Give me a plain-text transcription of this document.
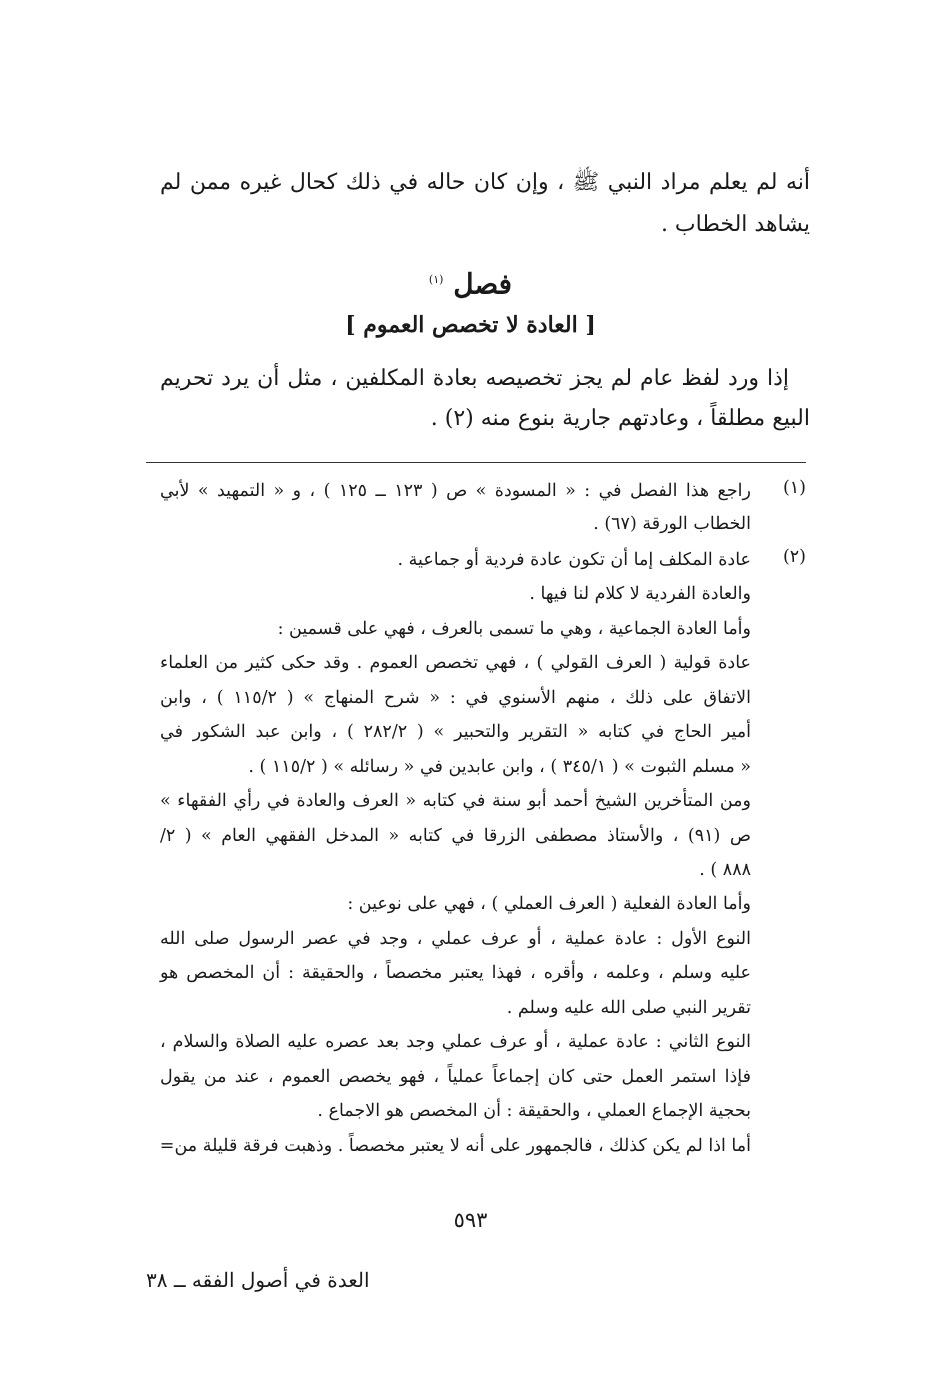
أنه لم يعلم مراد النبي ﷺ ، وإن كان حاله في ذلك كحال غيره ممن لم
يشاهد الخطاب .
فصل $^{(١)}$
[ العادة لا تخصص العموم ]
إذا ورد لفظ عام لم يجز تخصيصه بعادة المكلفين ، مثل أن يرد تحريم
البيع مطلقاً ، وعادتهم جارية بنوع منه (٢) .
(١)
راجع هذا الفصل في : « المسودة » ص ( ١٢٣ ــ ١٢٥ ) ، و « التمهيد » لأبي
الخطاب الورقة (٦٧) .
(٢)
عادة المكلف إما أن تكون عادة فردية أو جماعية .
والعادة الفردية لا كلام لنا فيها .
وأما العادة الجماعية ، وهي ما تسمى بالعرف ، فهي على قسمين :
عادة قولية ( العرف القولي ) ، فهي تخصص العموم . وقد حكى كثير من العلماء
الاتفاق على ذلك ، منهم الأسنوي في : « شرح المنهاج » ( ١١٥/٢ ) ، وابن
أمير الحاج في كتابه « التقرير والتحبير » ( ٢٨٢/٢ ) ، وابن عبد الشكور في
« مسلم الثبوت » ( ٣٤٥/١ ) ، وابن عابدين في « رسائله » ( ١١٥/٢ ) .
ومن المتأخرين الشيخ أحمد أبو سنة في كتابه « العرف والعادة في رأي الفقهاء »
ص (٩١) ، والأستاذ مصطفى الزرقا في كتابه « المدخل الفقهي العام » ( ٢/
٨٨٨ ) .
وأما العادة الفعلية ( العرف العملي ) ، فهي على نوعين :
النوع الأول : عادة عملية ، أو عرف عملي ، وجد في عصر الرسول صلى الله
عليه وسلم ، وعلمه ، وأقره ، فهذا يعتبر مخصصاً ، والحقيقة : أن المخصص هو
تقرير النبي صلى الله عليه وسلم .
النوع الثاني : عادة عملية ، أو عرف عملي وجد بعد عصره عليه الصلاة والسلام ،
فإذا استمر العمل حتى كان إجماعاً عملياً ، فهو يخصص العموم ، عند من يقول
بحجية الإجماع العملي ، والحقيقة : أن المخصص هو الاجماع .
أما اذا لم يكن كذلك ، فالجمهور على أنه لا يعتبر مخصصاً . وذهبت فرقة قليلة من=
٥٩٣
العدة في أصول الفقه ــ ٣٨
